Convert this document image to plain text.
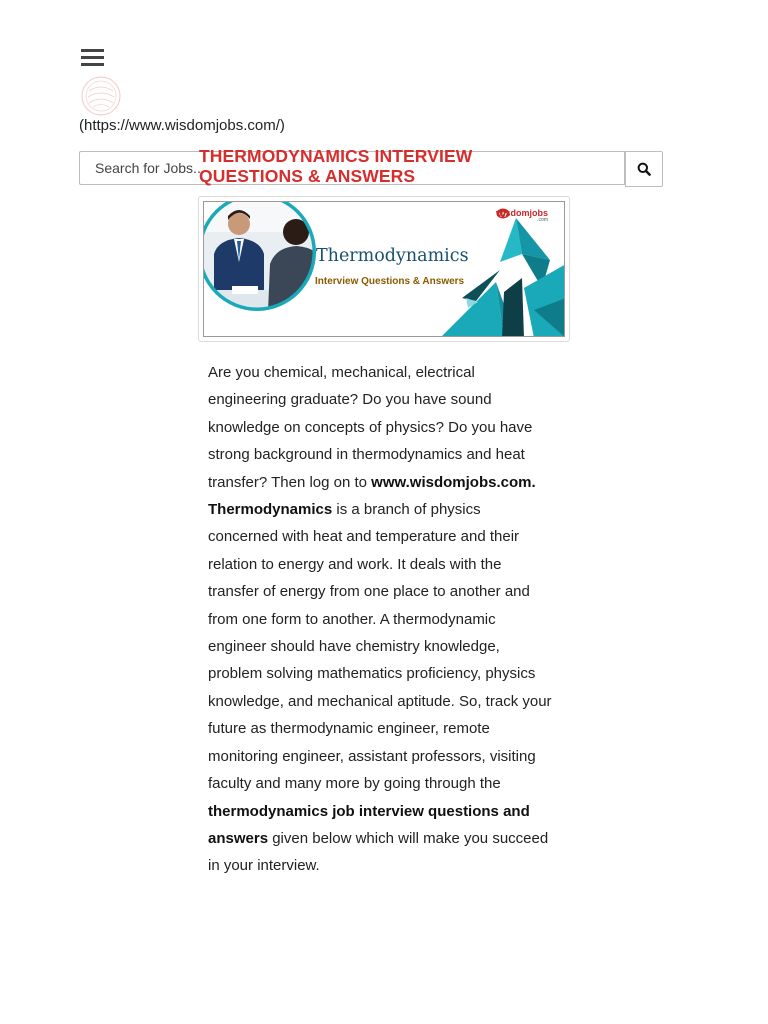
(https://www.wisdomjobs.com/)
Search for Jobs..
THERMODYNAMICS INTERVIEW QUESTIONS & ANSWERS
wisdomjobs
.com
Thermodynamics
Interview Questions & Answers

Are you chemical, mechanical, electrical engineering graduate? Do you have sound knowledge on concepts of physics? Do you have strong background in thermodynamics and heat transfer? Then log on to www.wisdomjobs.com. Thermodynamics is a branch of physics concerned with heat and temperature and their relation to energy and work. It deals with the transfer of energy from one place to another and from one form to another. A thermodynamic engineer should have chemistry knowledge, problem solving mathematics proficiency, physics knowledge, and mechanical aptitude. So, track your future as thermodynamic engineer, remote monitoring engineer, assistant professors, visiting faculty and many more by going through the thermodynamics job interview questions and answers given below which will make you succeed in your interview.
